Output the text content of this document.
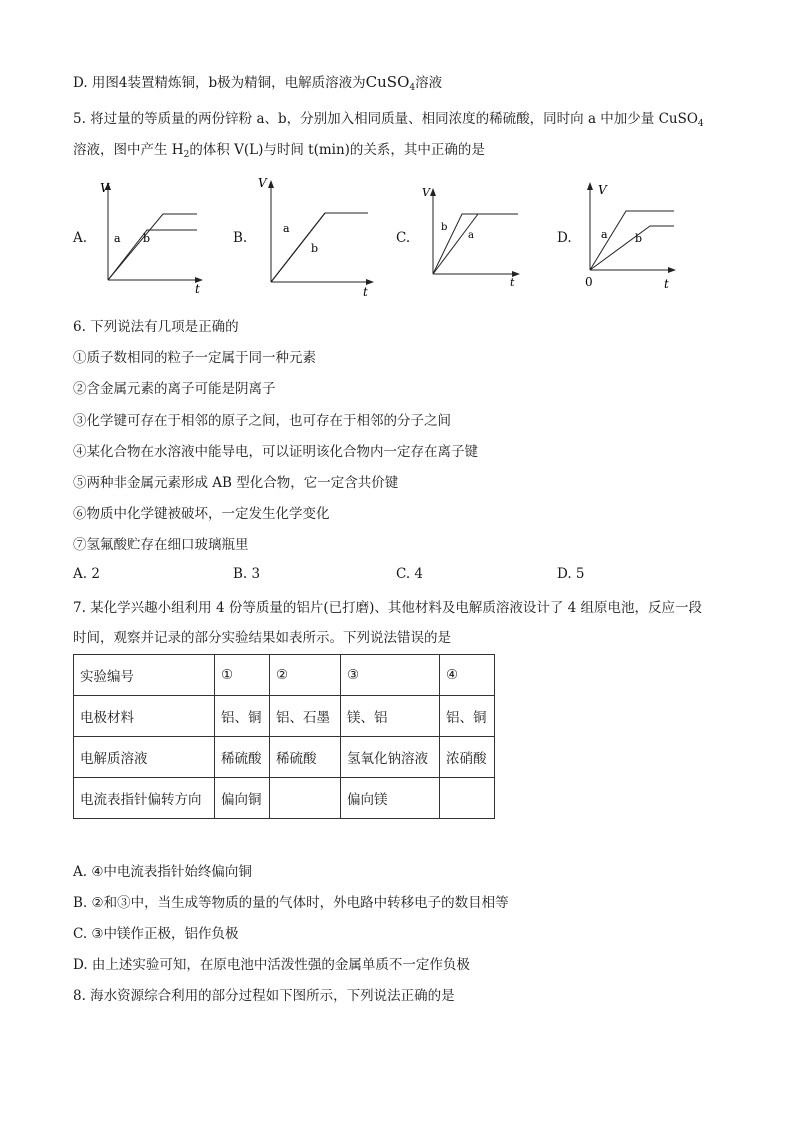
D. 用图4装置精炼铜，b极为精铜，电解质溶液为CuSO$_4$溶液
5. 将过量的等质量的两份锌粉 a、b，分别加入相同质量、相同浓度的稀硫酸，同时向 a 中加少量 CuSO$_4$
溶液，图中产生 $H_2$的体积 V(L)与时间 t(min)的关系，其中正确的是
A.	B.	C.	D.
V
t
a b
V
t
a
b
V
t
b
a
V
t
0
a b
6. 下列说法有几项是正确的
①质子数相同的粒子一定属于同一种元素
②含金属元素的离子可能是阴离子
③化学键可存在于相邻的原子之间，也可存在于相邻的分子之间
④某化合物在水溶液中能导电，可以证明该化合物内一定存在离子键
⑤两种非金属元素形成 AB 型化合物，它一定含共价键
⑥物质中化学键被破坏，一定发生化学变化
⑦氢氟酸贮存在细口玻璃瓶里
A. 2	B. 3	C. 4	D. 5
7. 某化学兴趣小组利用 4 份等质量的铝片(已打磨)、其他材料及电解质溶液设计了 4 组原电池，反应一段
时间，观察并记录的部分实验结果如表所示。下列说法错误的是
实验编号	①	②	③	④
电极材料	铝、铜	铝、石墨	镁、铝	铝、铜
电解质溶液	稀硫酸	稀硫酸	氢氧化钠溶液	浓硝酸
电流表指针偏转方向	偏向铜		偏向镁	
A. ④中电流表指针始终偏向铜
B. ②和③中，当生成等物质的量的气体时，外电路中转移电子的数目相等
C. ③中镁作正极，铝作负极
D. 由上述实验可知，在原电池中活泼性强的金属单质不一定作负极
8. 海水资源综合利用的部分过程如下图所示，下列说法正确的是
